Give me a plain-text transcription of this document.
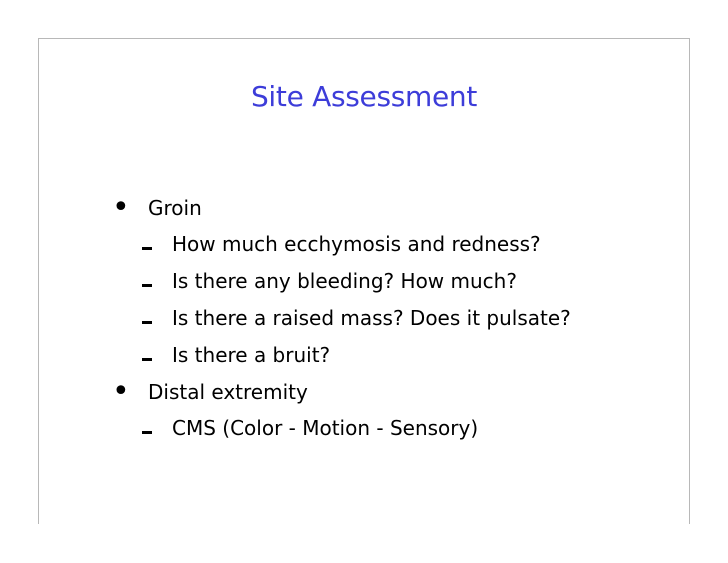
Site Assessment
• Groin
How much ecchymosis and redness?
Is there any bleeding? How much?
Is there a raised mass? Does it pulsate?
Is there a bruit?
• Distal extremity
CMS (Color - Motion - Sensory)
